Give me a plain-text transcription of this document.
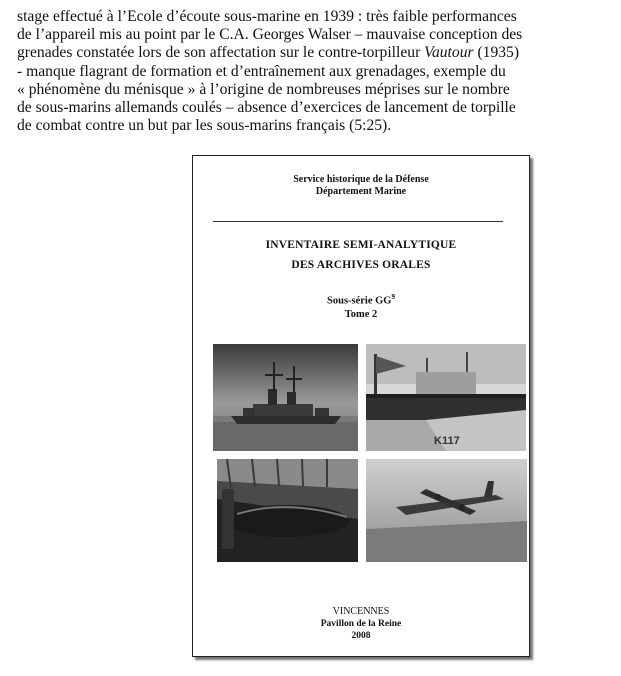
stage effectué à l’Ecole d’écoute sous-marine en 1939 : très faible performances
de l’appareil mis au point par le C.A. Georges Walser – mauvaise conception des
grenades constatée lors de son affectation sur le contre-torpilleur Vautour (1935)
- manque flagrant de formation et d’entraînement aux grenadages, exemple du
« phénomène du ménisque » à l’origine de nombreuses méprises sur le nombre
de sous-marins allemands coulés – absence d’exercices de lancement de torpille
de combat contre un but par les sous-marins français (5:25).
Service historique de la Défense
Département Marine
INVENTAIRE SEMI-ANALYTIQUE
DES ARCHIVES ORALES
Sous-série $GG^9$
Tome 2
K117
VINCENNES
Pavillon de la Reine
2008
